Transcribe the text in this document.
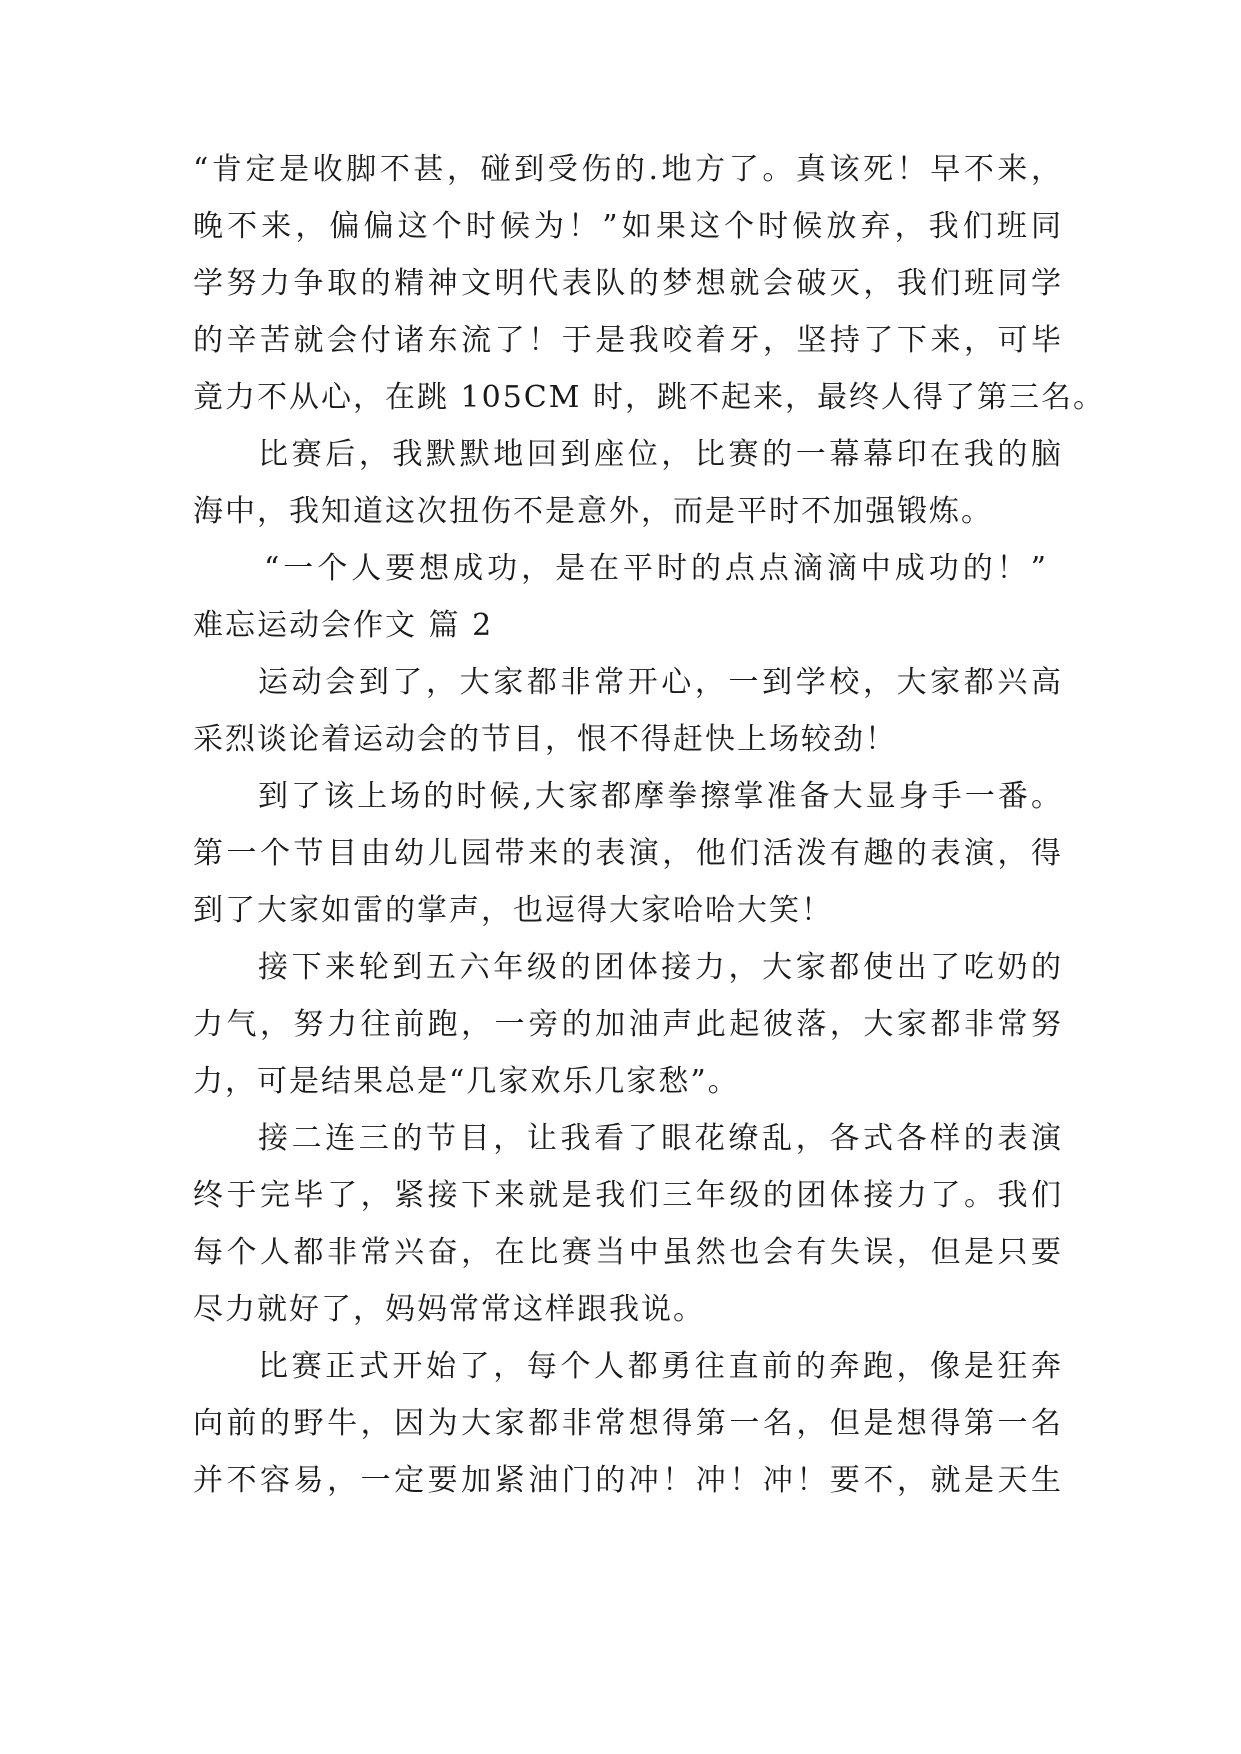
“肯定是收脚不甚，碰到受伤的.地方了。真该死！早不来，

晚不来，偏偏这个时候为！”如果这个时候放弃，我们班同

学努力争取的精神文明代表队的梦想就会破灭，我们班同学

的辛苦就会付诸东流了！于是我咬着牙，坚持了下来，可毕

竟力不从心，在跳 105CM 时，跳不起来，最终人得了第三名。

比赛后，我默默地回到座位，比赛的一幕幕印在我的脑

海中，我知道这次扭伤不是意外，而是平时不加强锻炼。

“一个人要想成功，是在平时的点点滴滴中成功的！”

难忘运动会作文 篇 2

运动会到了，大家都非常开心，一到学校，大家都兴高

采烈谈论着运动会的节目，恨不得赶快上场较劲！

到了该上场的时候,大家都摩拳擦掌准备大显身手一番。

第一个节目由幼儿园带来的表演，他们活泼有趣的表演，得

到了大家如雷的掌声，也逗得大家哈哈大笑！

接下来轮到五六年级的团体接力，大家都使出了吃奶的

力气，努力往前跑，一旁的加油声此起彼落，大家都非常努

力，可是结果总是“几家欢乐几家愁”。

接二连三的节目，让我看了眼花缭乱，各式各样的表演

终于完毕了，紧接下来就是我们三年级的团体接力了。我们

每个人都非常兴奋，在比赛当中虽然也会有失误，但是只要

尽力就好了，妈妈常常这样跟我说。

比赛正式开始了，每个人都勇往直前的奔跑，像是狂奔

向前的野牛，因为大家都非常想得第一名，但是想得第一名

并不容易，一定要加紧油门的冲！冲！冲！要不，就是天生
